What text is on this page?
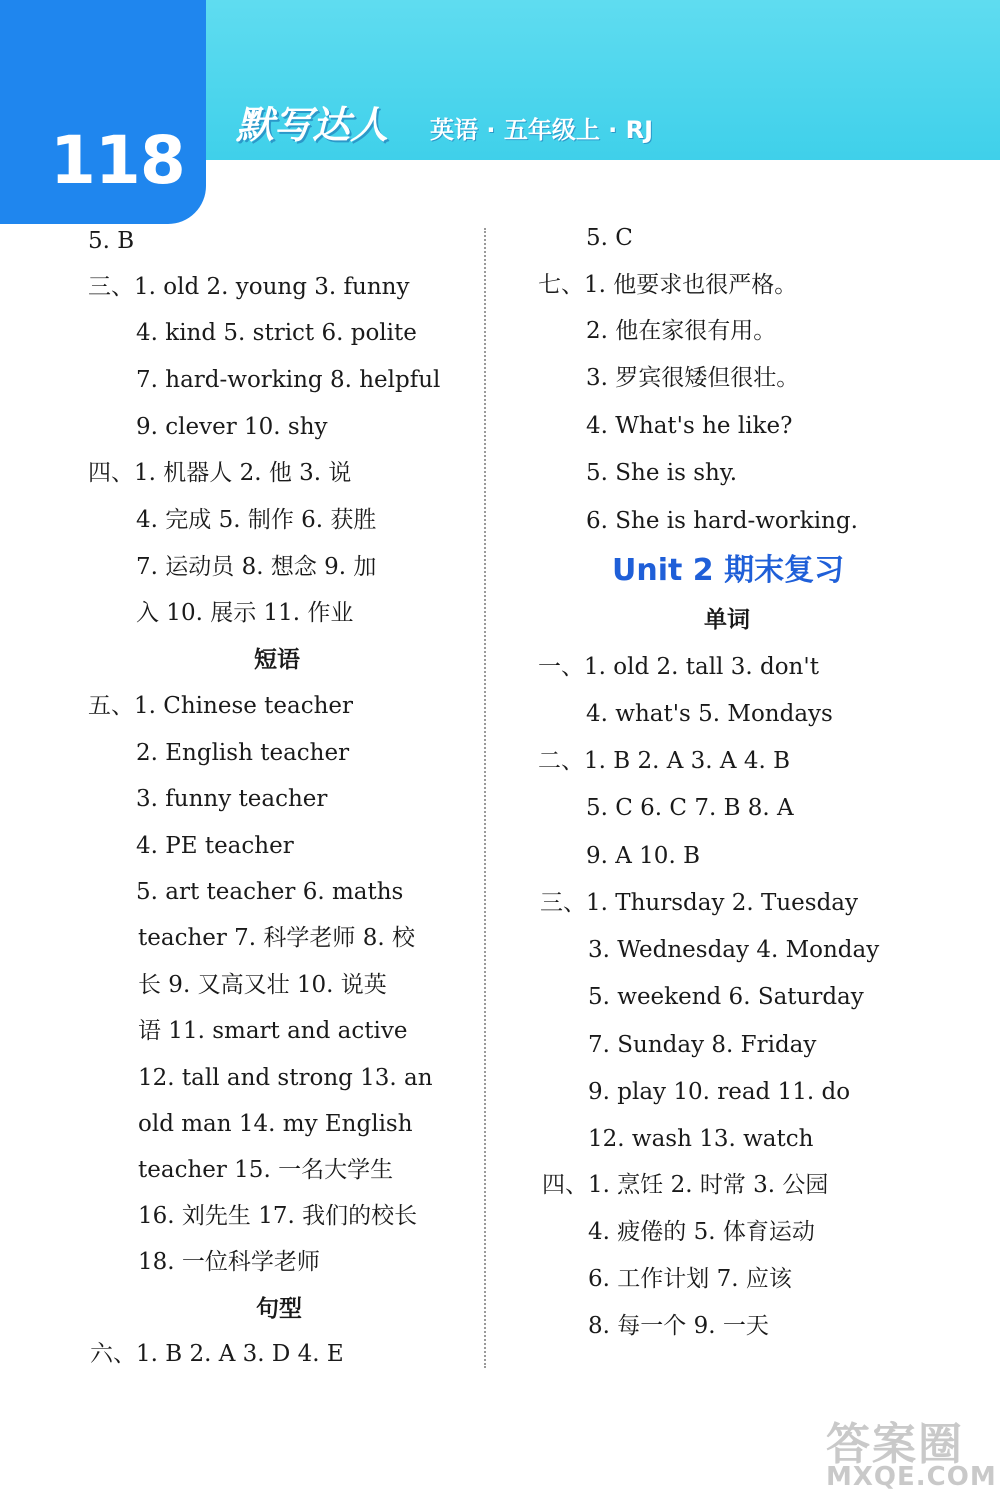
118 默写达人 英语 · 五年级上 · RJ
5. B
三、1. old 2. young 3. funny
4. kind 5. strict 6. polite
7. hard-working 8. helpful
9. clever 10. shy
四、1. 机器人 2. 他 3. 说
4. 完成 5. 制作 6. 获胜
7. 运动员 8. 想念 9. 加
入 10. 展示 11. 作业
短语
五、1. Chinese teacher
2. English teacher
3. funny teacher
4. PE teacher
5. art teacher 6. maths
teacher 7. 科学老师 8. 校
长 9. 又高又壮 10. 说英
语 11. smart and active
12. tall and strong 13. an
old man 14. my English
teacher 15. 一名大学生
16. 刘先生 17. 我们的校长
18. 一位科学老师
句型
六、1. B 2. A 3. D 4. E
5. C
七、1. 他要求也很严格。
2. 他在家很有用。
3. 罗宾很矮但很壮。
4. What's he like?
5. She is shy.
6. She is hard-working.
Unit 2 期末复习
单词
一、1. old 2. tall 3. don't
4. what's 5. Mondays
二、1. B 2. A 3. A 4. B
5. C 6. C 7. B 8. A
9. A 10. B
三、1. Thursday 2. Tuesday
3. Wednesday 4. Monday
5. weekend 6. Saturday
7. Sunday 8. Friday
9. play 10. read 11. do
12. wash 13. watch
四、1. 烹饪 2. 时常 3. 公园
4. 疲倦的 5. 体育运动
6. 工作计划 7. 应该
8. 每一个 9. 一天
答案圈
MXQE.COM
